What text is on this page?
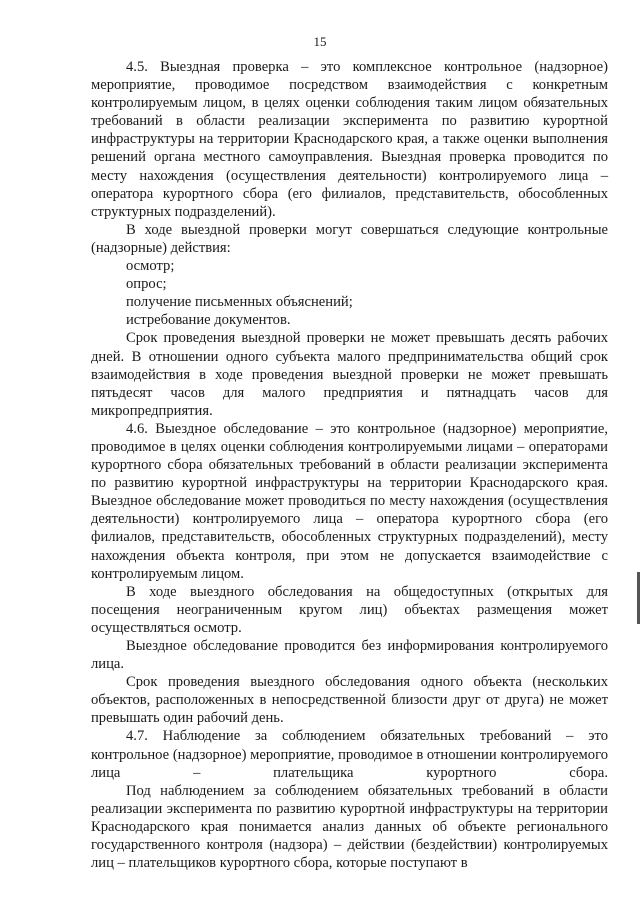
15

4.5. Выездная проверка – это комплексное контрольное (надзорное) мероприятие, проводимое посредством взаимодействия с конкретным контролируемым лицом, в целях оценки соблюдения таким лицом обязательных требований в области реализации эксперимента по развитию курортной инфраструктуры на территории Краснодарского края, а также оценки выполнения решений органа местного самоуправления. Выездная проверка проводится по месту нахождения (осуществления деятельности) контролируемого лица – оператора курортного сбора (его филиалов, представительств, обособленных структурных подразделений).

В ходе выездной проверки могут совершаться следующие контрольные (надзорные) действия:

осмотр;

опрос;

получение письменных объяснений;

истребование документов.

Срок проведения выездной проверки не может превышать десять рабочих дней. В отношении одного субъекта малого предпринимательства общий срок взаимодействия в ходе проведения выездной проверки не может превышать пятьдесят часов для малого предприятия и пятнадцать часов для микропредприятия.

4.6. Выездное обследование – это контрольное (надзорное) мероприятие, проводимое в целях оценки соблюдения контролируемыми лицами – операторами курортного сбора обязательных требований в области реализации эксперимента по развитию курортной инфраструктуры на территории Краснодарского края. Выездное обследование может проводиться по месту нахождения (осуществления деятельности) контролируемого лица – оператора курортного сбора (его филиалов, представительств, обособленных структурных подразделений), месту нахождения объекта контроля, при этом не допускается взаимодействие с контролируемым лицом.

В ходе выездного обследования на общедоступных (открытых для посещения неограниченным кругом лиц) объектах размещения может осуществляться осмотр.

Выездное обследование проводится без информирования контролируемого лица.

Срок проведения выездного обследования одного объекта (нескольких объектов, расположенных в непосредственной близости друг от друга) не может превышать один рабочий день.

4.7. Наблюдение за соблюдением обязательных требований – это контрольное (надзорное) мероприятие, проводимое в отношении контролируемого лица – плательщика курортного сбора.

Под наблюдением за соблюдением обязательных требований в области реализации эксперимента по развитию курортной инфраструктуры на территории Краснодарского края понимается анализ данных об объекте регионального государственного контроля (надзора) – действии (бездействии) контролируемых лиц – плательщиков курортного сбора, которые поступают в
